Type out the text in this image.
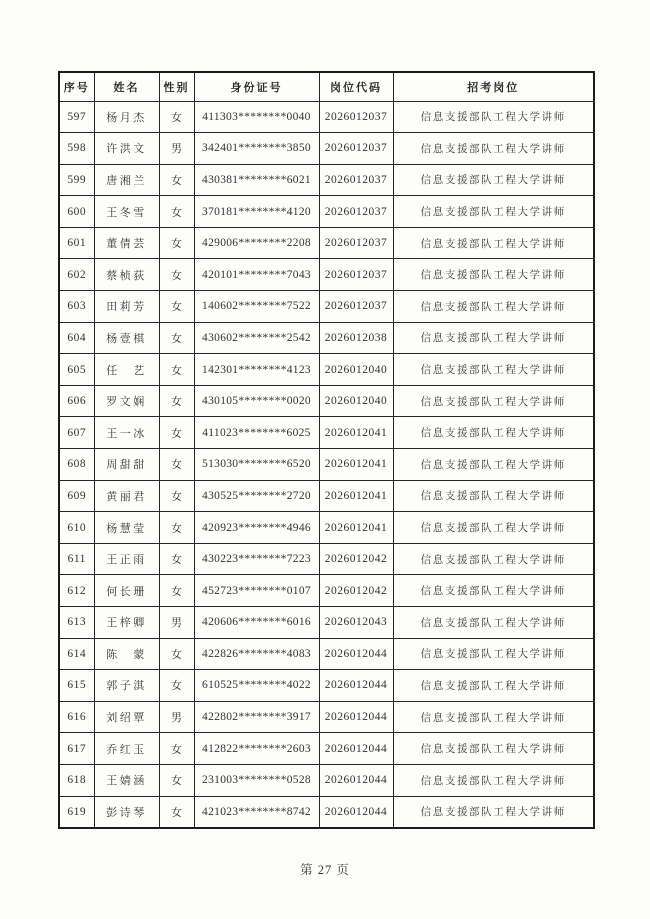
序号	姓名	性别	身份证号	岗位代码	招考岗位
597	杨月杰	女	411303********0040	2026012037	信息支援部队工程大学讲师
598	许洪文	男	342401********3850	2026012037	信息支援部队工程大学讲师
599	唐湘兰	女	430381********6021	2026012037	信息支援部队工程大学讲师
600	王冬雪	女	370181********4120	2026012037	信息支援部队工程大学讲师
601	董倩芸	女	429006********2208	2026012037	信息支援部队工程大学讲师
602	蔡桢荻	女	420101********7043	2026012037	信息支援部队工程大学讲师
603	田莉芳	女	140602********7522	2026012037	信息支援部队工程大学讲师
604	杨壹棋	女	430602********2542	2026012038	信息支援部队工程大学讲师
605	任　艺	女	142301********4123	2026012040	信息支援部队工程大学讲师
606	罗文娴	女	430105********0020	2026012040	信息支援部队工程大学讲师
607	王一冰	女	411023********6025	2026012041	信息支援部队工程大学讲师
608	周甜甜	女	513030********6520	2026012041	信息支援部队工程大学讲师
609	黄丽君	女	430525********2720	2026012041	信息支援部队工程大学讲师
610	杨慧莹	女	420923********4946	2026012041	信息支援部队工程大学讲师
611	王正雨	女	430223********7223	2026012042	信息支援部队工程大学讲师
612	何长珊	女	452723********0107	2026012042	信息支援部队工程大学讲师
613	王梓卿	男	420606********6016	2026012043	信息支援部队工程大学讲师
614	陈　蒙	女	422826********4083	2026012044	信息支援部队工程大学讲师
615	郭子淇	女	610525********4022	2026012044	信息支援部队工程大学讲师
616	刘绍覃	男	422802********3917	2026012044	信息支援部队工程大学讲师
617	乔红玉	女	412822********2603	2026012044	信息支援部队工程大学讲师
618	王婧涵	女	231003********0528	2026012044	信息支援部队工程大学讲师
619	彭诗琴	女	421023********8742	2026012044	信息支援部队工程大学讲师
第 27 页
